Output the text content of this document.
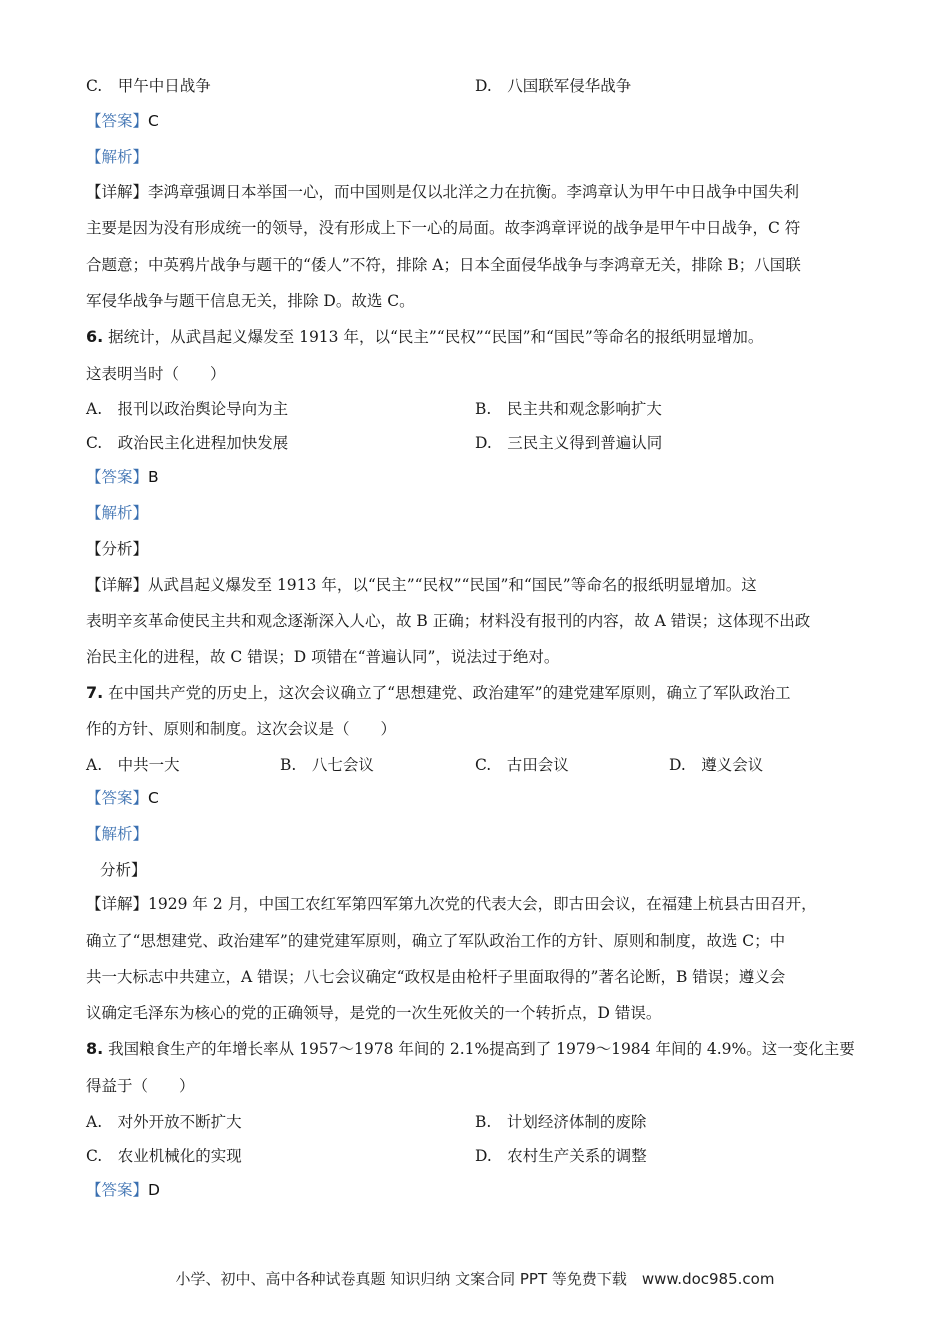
C.　甲午中日战争	D.　八国联军侵华战争
【答案】C
【解析】
【详解】李鸿章强调日本举国一心，而中国则是仅以北洋之力在抗衡。李鸿章认为甲午中日战争中国失利
主要是因为没有形成统一的领导，没有形成上下一心的局面。故李鸿章评说的战争是甲午中日战争，C 符
合题意；中英鸦片战争与题干的“倭人”不符，排除 A；日本全面侵华战争与李鸿章无关，排除 B；八国联
军侵华战争与题干信息无关，排除 D。故选 C。
6. 据统计，从武昌起义爆发至 1913 年，以“民主”“民权”“民国”和“国民”等命名的报纸明显增加。
这表明当时（　　）
A.　报刊以政治舆论导向为主	B.　民主共和观念影响扩大
C.　政治民主化进程加快发展	D.　三民主义得到普遍认同
【答案】B
【解析】
【分析】
【详解】从武昌起义爆发至 1913 年，以“民主”“民权”“民国”和“国民”等命名的报纸明显增加。这
表明辛亥革命使民主共和观念逐渐深入人心，故 B 正确；材料没有报刊的内容，故 A 错误；这体现不出政
治民主化的进程，故 C 错误；D 项错在“普遍认同”，说法过于绝对。
7. 在中国共产党的历史上，这次会议确立了“思想建党、政治建军”的建党建军原则，确立了军队政治工
作的方针、原则和制度。这次会议是（　　）
A.　中共一大	B.　八七会议	C.　古田会议	D.　遵义会议
【答案】C
【解析】
分析】
【详解】1929 年 2 月，中国工农红军第四军第九次党的代表大会，即古田会议，在福建上杭县古田召开，
确立了“思想建党、政治建军”的建党建军原则，确立了军队政治工作的方针、原则和制度，故选 C；中
共一大标志中共建立，A 错误；八七会议确定“政权是由枪杆子里面取得的”著名论断，B 错误；遵义会
议确定毛泽东为核心的党的正确领导，是党的一次生死攸关的一个转折点，D 错误。
8. 我国粮食生产的年增长率从 1957～1978 年间的 2.1%提高到了 1979～1984 年间的 4.9%。这一变化主要
得益于（　　）
A.　对外开放不断扩大	B.　计划经济体制的废除
C.　农业机械化的实现	D.　农村生产关系的调整
【答案】D
小学、初中、高中各种试卷真题 知识归纳 文案合同 PPT 等免费下载　www.doc985.com
